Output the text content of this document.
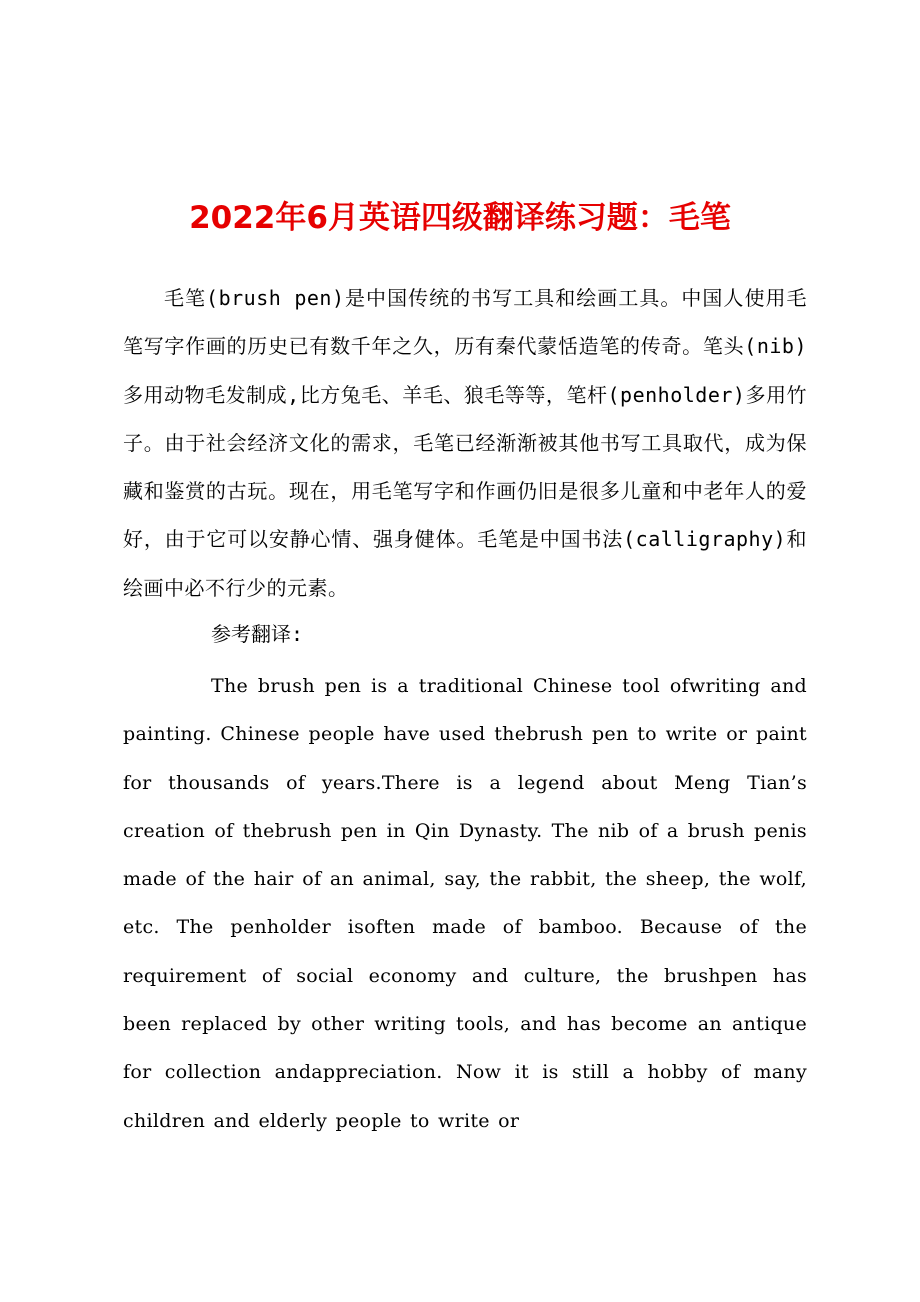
2022年6月英语四级翻译练习题：毛笔

毛笔(brush pen)是中国传统的书写工具和绘画工具。中国人使用毛笔写字作画的历史已有数千年之久，历有秦代蒙恬造笔的传奇。笔头(nib)多用动物毛发制成,比方兔毛、羊毛、狼毛等等，笔杆(penholder)多用竹子。由于社会经济文化的需求，毛笔已经渐渐被其他书写工具取代，成为保藏和鉴赏的古玩。现在，用毛笔写字和作画仍旧是很多儿童和中老年人的爱好，由于它可以安静心情、强身健体。毛笔是中国书法(calligraphy)和绘画中必不行少的元素。

参考翻译:

The brush pen is a traditional Chinese tool ofwriting and painting. Chinese people have used thebrush pen to write or paint for thousands of years.There is a legend about Meng Tian’s creation of thebrush pen in Qin Dynasty. The nib of a brush penis made of the hair of an animal, say, the rabbit, the sheep, the wolf, etc. The penholder isoften made of bamboo. Because of the requirement of social economy and culture, the brushpen has been replaced by other writing tools, and has become an antique for collection andappreciation. Now it is still a hobby of many children and elderly people to write or
